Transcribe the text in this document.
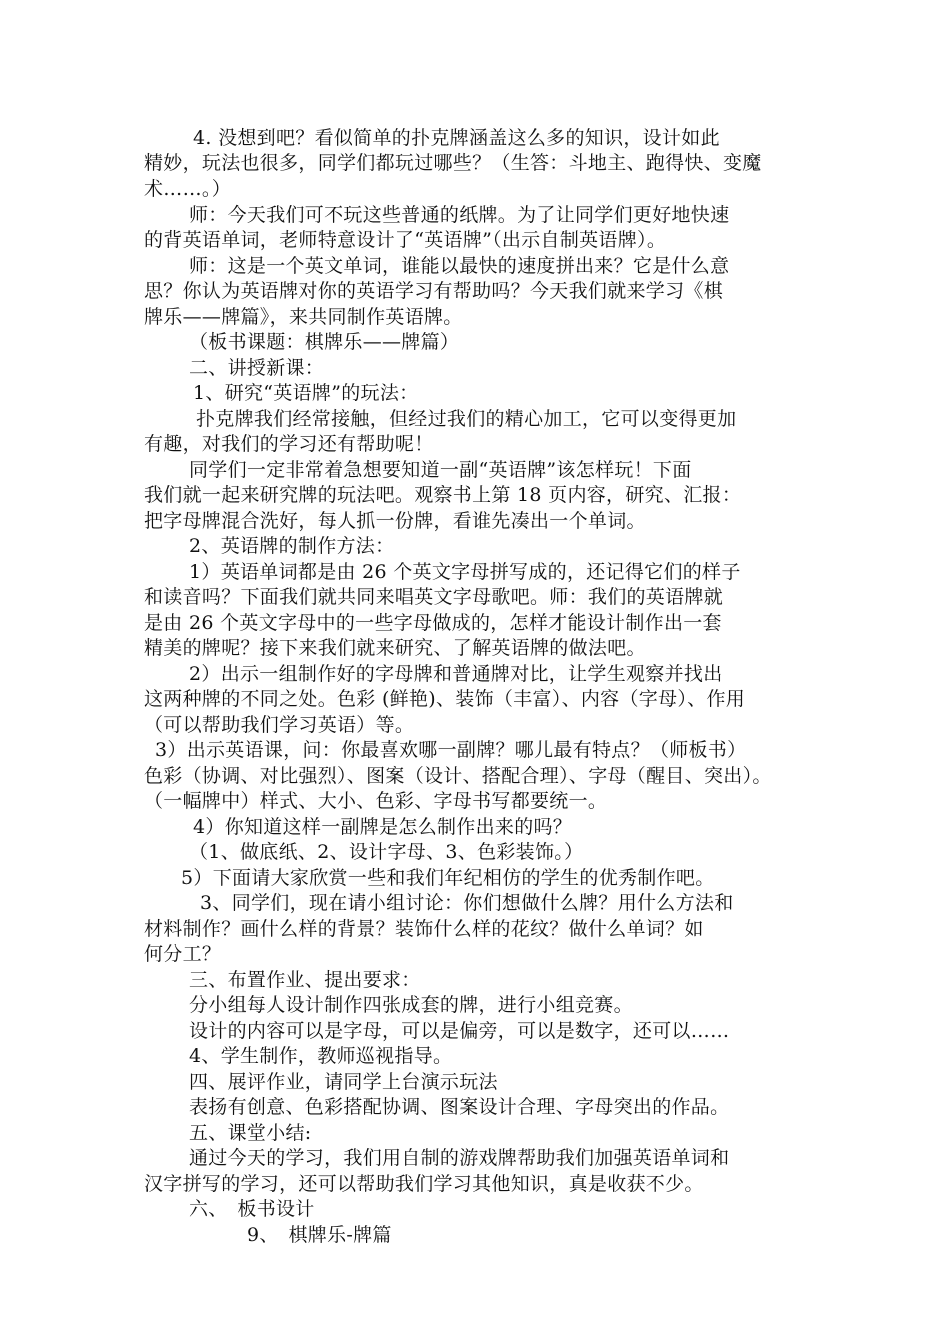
4. 没想到吧？看似简单的扑克牌涵盖这么多的知识，设计如此
精妙，玩法也很多，同学们都玩过哪些？（生答：斗地主、跑得快、变魔
术……。）
师：今天我们可不玩这些普通的纸牌。为了让同学们更好地快速
的背英语单词，老师特意设计了“英语牌”（出示自制英语牌）。
师：这是一个英文单词，谁能以最快的速度拼出来？它是什么意
思？你认为英语牌对你的英语学习有帮助吗？今天我们就来学习《棋
牌乐——牌篇》，来共同制作英语牌。
（板书课题：棋牌乐——牌篇）
二、讲授新课：
1、研究“英语牌”的玩法：
扑克牌我们经常接触，但经过我们的精心加工，它可以变得更加
有趣，对我们的学习还有帮助呢！
同学们一定非常着急想要知道一副“英语牌”该怎样玩！下面
我们就一起来研究牌的玩法吧。观察书上第 18 页内容，研究、汇报：
把字母牌混合洗好，每人抓一份牌，看谁先凑出一个单词。
2、英语牌的制作方法：
1）英语单词都是由 26 个英文字母拼写成的，还记得它们的样子
和读音吗？下面我们就共同来唱英文字母歌吧。师：我们的英语牌就
是由 26 个英文字母中的一些字母做成的，怎样才能设计制作出一套
精美的牌呢？接下来我们就来研究、了解英语牌的做法吧。
2）出示一组制作好的字母牌和普通牌对比，让学生观察并找出
这两种牌的不同之处。色彩 (鲜艳)、装饰（丰富）、内容（字母）、作用
（可以帮助我们学习英语）等。
3）出示英语课，问：你最喜欢哪一副牌？哪儿最有特点？（师板书）
色彩（协调、对比强烈）、图案（设计、搭配合理）、字母（醒目、突出）。
（一幅牌中）样式、大小、色彩、字母书写都要统一。
4）你知道这样一副牌是怎么制作出来的吗？
（1、做底纸、2、设计字母、3、色彩装饰。）
5）下面请大家欣赏一些和我们年纪相仿的学生的优秀制作吧。
3、同学们，现在请小组讨论：你们想做什么牌？用什么方法和
材料制作？画什么样的背景？装饰什么样的花纹？做什么单词？如
何分工？
三、布置作业、提出要求：
分小组每人设计制作四张成套的牌，进行小组竞赛。
设计的内容可以是字母，可以是偏旁，可以是数字，还可以……
4、学生制作，教师巡视指导。
四、展评作业，请同学上台演示玩法
表扬有创意、色彩搭配协调、图案设计合理、字母突出的作品。
五、课堂小结:
通过今天的学习，我们用自制的游戏牌帮助我们加强英语单词和
汉字拼写的学习，还可以帮助我们学习其他知识，真是收获不少。
六、　板书设计
9、　棋牌乐-牌篇
